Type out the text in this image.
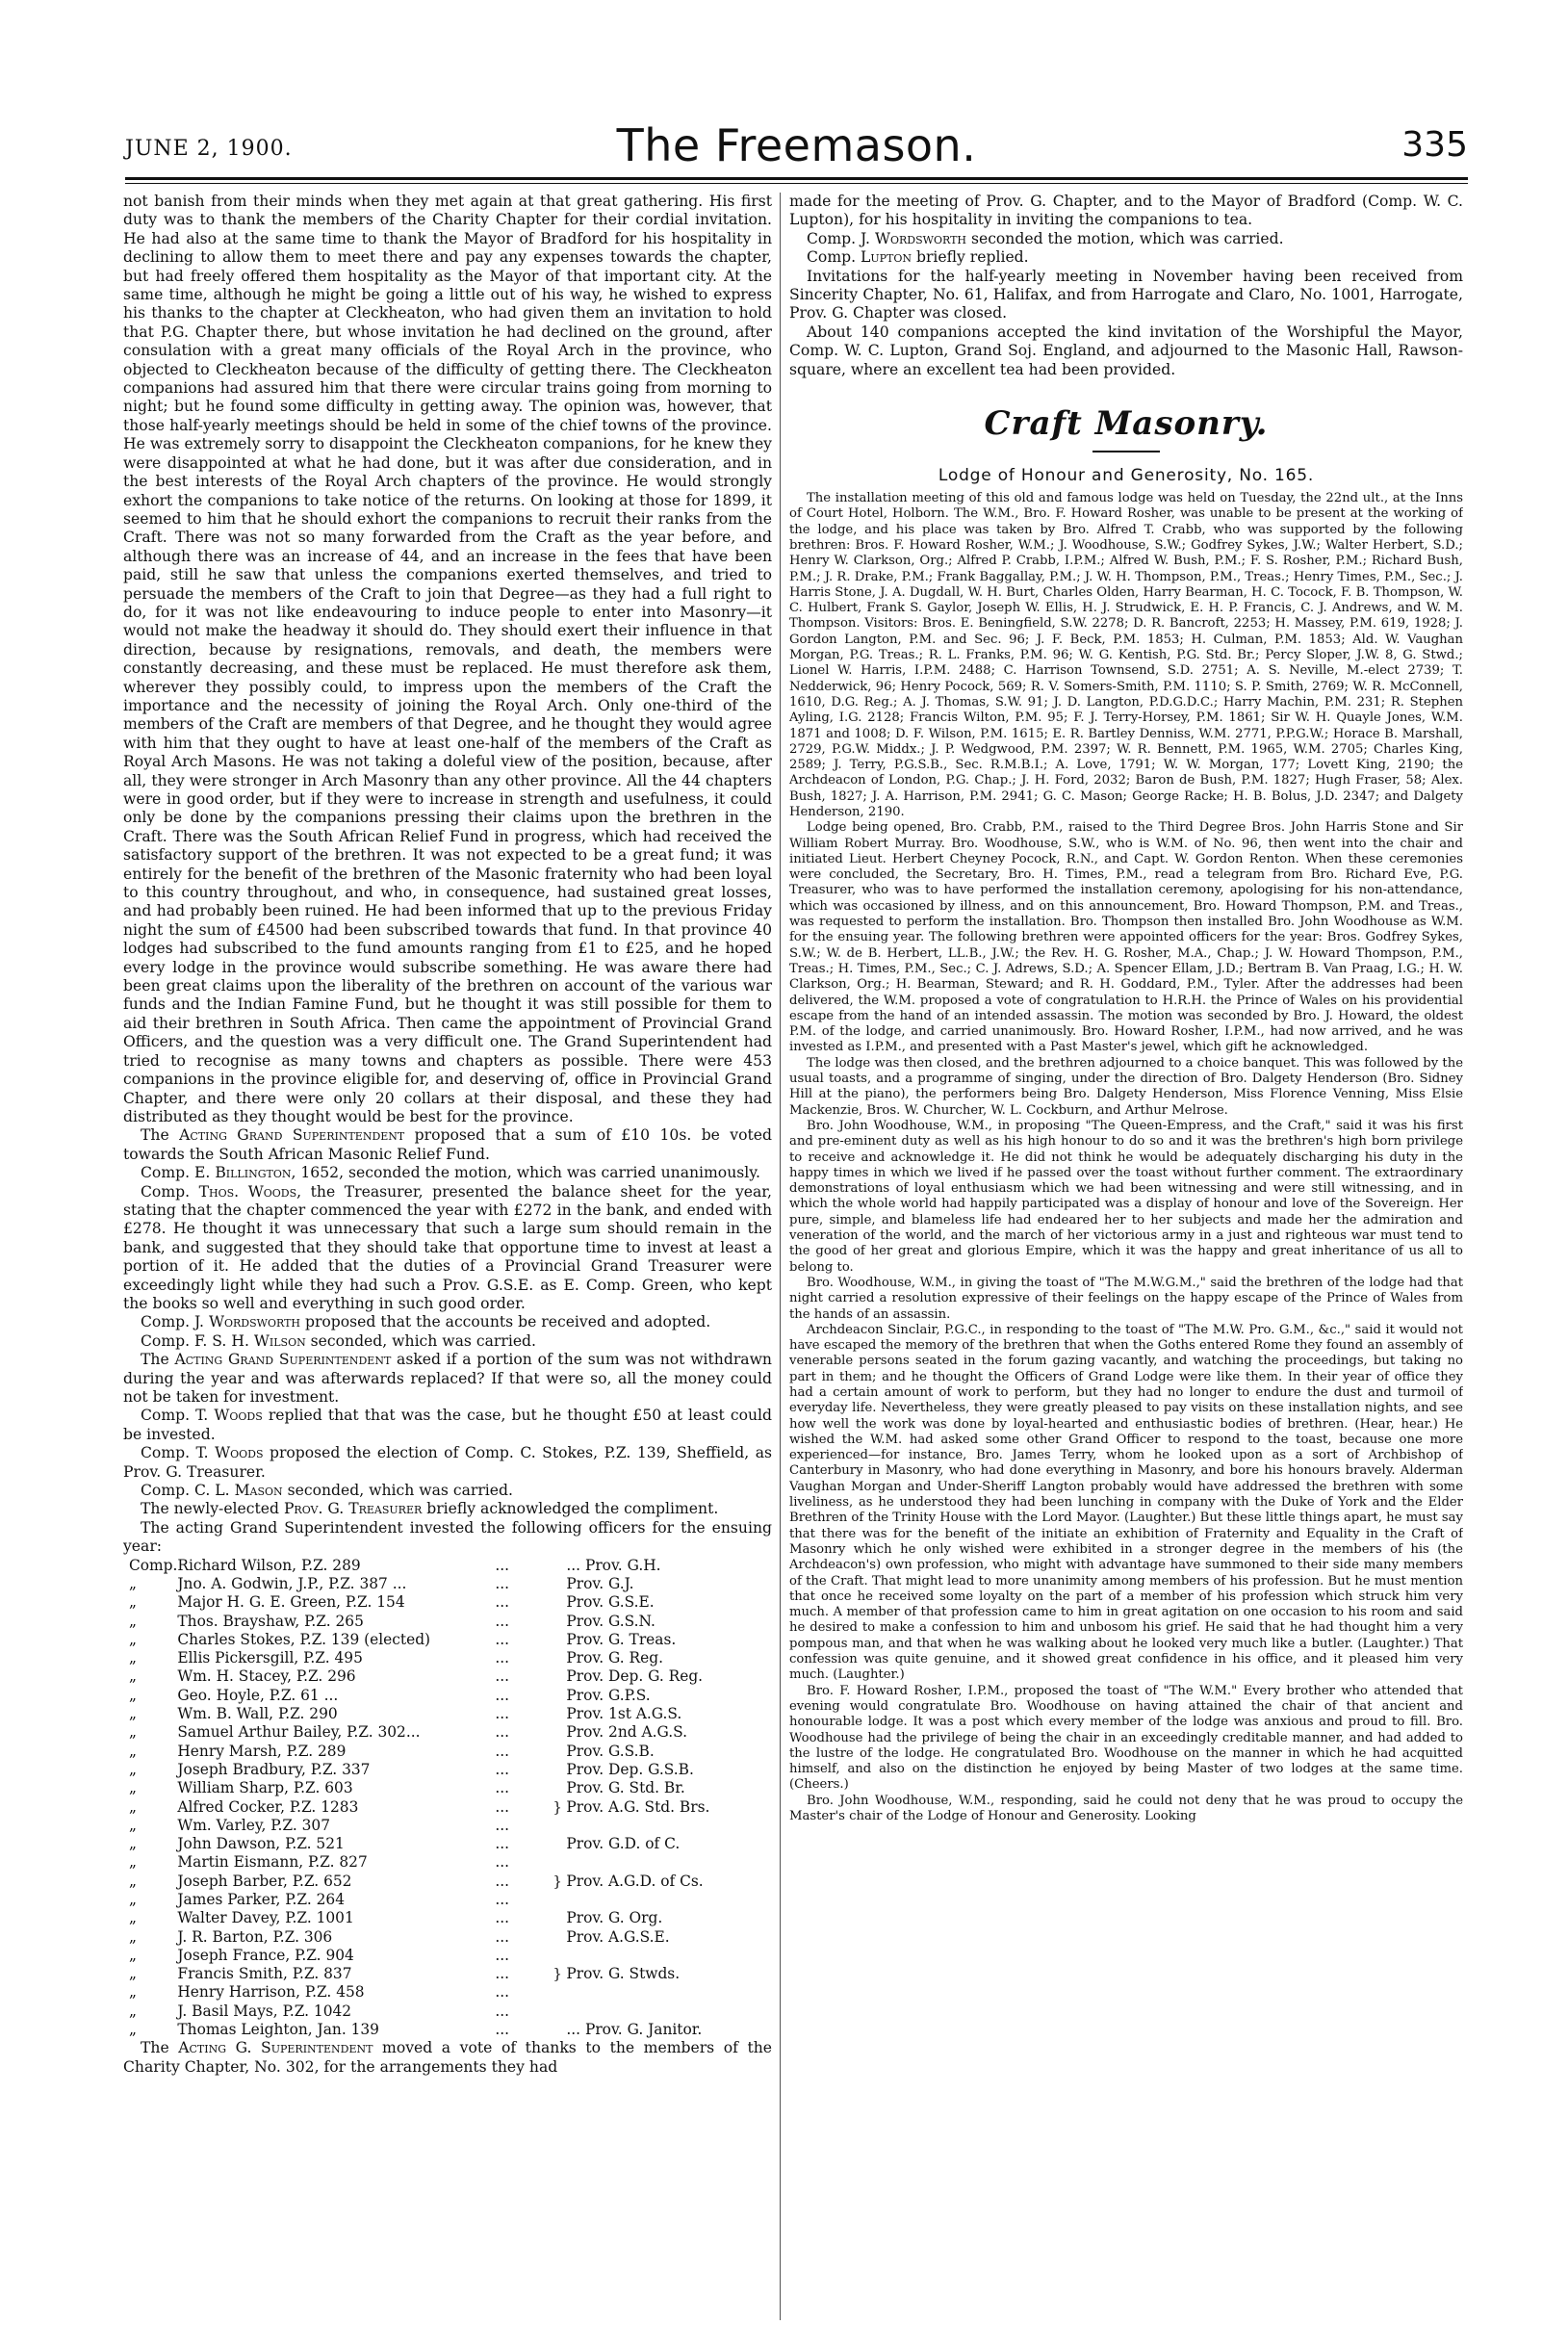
JUNE 2, 1900.	The Freemason.	335

not banish from their minds when they met again at that great gathering. His first duty was to thank the members of the Charity Chapter for their cordial invitation. He had also at the same time to thank the Mayor of Bradford for his hospitality in declining to allow them to meet there and pay any expenses towards the chapter, but had freely offered them hospitality as the Mayor of that important city. At the same time, although he might be going a little out of his way, he wished to express his thanks to the chapter at Cleckheaton, who had given them an invitation to hold that P.G. Chapter there, but whose invitation he had declined on the ground, after consulation with a great many officials of the Royal Arch in the province, who objected to Cleckheaton because of the difficulty of getting there. The Cleckheaton companions had assured him that there were circular trains going from morning to night; but he found some difficulty in getting away. The opinion was, however, that those half-yearly meetings should be held in some of the chief towns of the province. He was extremely sorry to disappoint the Cleckheaton companions, for he knew they were disappointed at what he had done, but it was after due consideration, and in the best interests of the Royal Arch chapters of the province. He would strongly exhort the companions to take notice of the returns. On looking at those for 1899, it seemed to him that he should exhort the companions to recruit their ranks from the Craft. There was not so many forwarded from the Craft as the year before, and although there was an increase of 44, and an increase in the fees that have been paid, still he saw that unless the companions exerted themselves, and tried to persuade the members of the Craft to join that Degree—as they had a full right to do, for it was not like endeavouring to induce people to enter into Masonry—it would not make the headway it should do. They should exert their influence in that direction, because by resignations, removals, and death, the members were constantly decreasing, and these must be replaced. He must therefore ask them, wherever they possibly could, to impress upon the members of the Craft the importance and the necessity of joining the Royal Arch. Only one-third of the members of the Craft are members of that Degree, and he thought they would agree with him that they ought to have at least one-half of the members of the Craft as Royal Arch Masons. He was not taking a doleful view of the position, because, after all, they were stronger in Arch Masonry than any other province. All the 44 chapters were in good order, but if they were to increase in strength and usefulness, it could only be done by the companions pressing their claims upon the brethren in the Craft. There was the South African Relief Fund in progress, which had received the satisfactory support of the brethren. It was not expected to be a great fund; it was entirely for the benefit of the brethren of the Masonic fraternity who had been loyal to this country throughout, and who, in consequence, had sustained great losses, and had probably been ruined. He had been informed that up to the previous Friday night the sum of £4500 had been subscribed towards that fund. In that province 40 lodges had subscribed to the fund amounts ranging from £1 to £25, and he hoped every lodge in the province would subscribe something. He was aware there had been great claims upon the liberality of the brethren on account of the various war funds and the Indian Famine Fund, but he thought it was still possible for them to aid their brethren in South Africa. Then came the appointment of Provincial Grand Officers, and the question was a very difficult one. The Grand Superintendent had tried to recognise as many towns and chapters as possible. There were 453 companions in the province eligible for, and deserving of, office in Provincial Grand Chapter, and there were only 20 collars at their disposal, and these they had distributed as they thought would be best for the province.

The Acting Grand Superintendent proposed that a sum of £10 10s. be voted towards the South African Masonic Relief Fund.

Comp. E. Billington, 1652, seconded the motion, which was carried unanimously.

Comp. Thos. Woods, the Treasurer, presented the balance sheet for the year, stating that the chapter commenced the year with £272 in the bank, and ended with £278. He thought it was unnecessary that such a large sum should remain in the bank, and suggested that they should take that opportune time to invest at least a portion of it. He added that the duties of a Provincial Grand Treasurer were exceedingly light while they had such a Prov. G.S.E. as E. Comp. Green, who kept the books so well and everything in such good order.

Comp. J. Wordsworth proposed that the accounts be received and adopted.

Comp. F. S. H. Wilson seconded, which was carried.

The Acting Grand Superintendent asked if a portion of the sum was not withdrawn during the year and was afterwards replaced? If that were so, all the money could not be taken for investment.

Comp. T. Woods replied that that was the case, but he thought £50 at least could be invested.

Comp. T. Woods proposed the election of Comp. C. Stokes, P.Z. 139, Sheffield, as Prov. G. Treasurer.

Comp. C. L. Mason seconded, which was carried.

The newly-elected Prov. G. Treasurer briefly acknowledged the compliment.

The acting Grand Superintendent invested the following officers for the ensuing year:

Comp.	Richard Wilson, P.Z. 289	...		... Prov. G.H.
„	Jno. A. Godwin, J.P., P.Z. 387 ...	...		Prov. G.J.
„	Major H. G. E. Green, P.Z. 154	...		Prov. G.S.E.
„	Thos. Brayshaw, P.Z. 265	...		Prov. G.S.N.
„	Charles Stokes, P.Z. 139 (elected)	...		Prov. G. Treas.
„	Ellis Pickersgill, P.Z. 495	...		Prov. G. Reg.
„	Wm. H. Stacey, P.Z. 296	...		Prov. Dep. G. Reg.
„	Geo. Hoyle, P.Z. 61 ...	...		Prov. G.P.S.
„	Wm. B. Wall, P.Z. 290	...		Prov. 1st A.G.S.
„	Samuel Arthur Bailey, P.Z. 302...	...		Prov. 2nd A.G.S.
„	Henry Marsh, P.Z. 289	...		Prov. G.S.B.
„	Joseph Bradbury, P.Z. 337	...		Prov. Dep. G.S.B.
„	William Sharp, P.Z. 603	...		Prov. G. Std. Br.
„	Alfred Cocker, P.Z. 1283	...	}	Prov. A.G. Std. Brs.
„	Wm. Varley, P.Z. 307	...		
„	John Dawson, P.Z. 521	...		Prov. G.D. of C.
„	Martin Eismann, P.Z. 827	...		
„	Joseph Barber, P.Z. 652	...	}	Prov. A.G.D. of Cs.
„	James Parker, P.Z. 264	...		
„	Walter Davey, P.Z. 1001	...		Prov. G. Org.
„	J. R. Barton, P.Z. 306	...		Prov. A.G.S.E.
„	Joseph France, P.Z. 904	...		
„	Francis Smith, P.Z. 837	...	}	Prov. G. Stwds.
„	Henry Harrison, P.Z. 458	...		
„	J. Basil Mays, P.Z. 1042	...		
„	Thomas Leighton, Jan. 139	...		... Prov. G. Janitor.

The Acting G. Superintendent moved a vote of thanks to the members of the Charity Chapter, No. 302, for the arrangements they had

made for the meeting of Prov. G. Chapter, and to the Mayor of Bradford (Comp. W. C. Lupton), for his hospitality in inviting the companions to tea.

Comp. J. Wordsworth seconded the motion, which was carried.

Comp. Lupton briefly replied.

Invitations for the half-yearly meeting in November having been received from Sincerity Chapter, No. 61, Halifax, and from Harrogate and Claro, No. 1001, Harrogate, Prov. G. Chapter was closed.

About 140 companions accepted the kind invitation of the Worshipful the Mayor, Comp. W. C. Lupton, Grand Soj. England, and adjourned to the Masonic Hall, Rawson-square, where an excellent tea had been provided.

Craft Masonry.
Lodge of Honour and Generosity, No. 165.

The installation meeting of this old and famous lodge was held on Tuesday, the 22nd ult., at the Inns of Court Hotel, Holborn. The W.M., Bro. F. Howard Rosher, was unable to be present at the working of the lodge, and his place was taken by Bro. Alfred T. Crabb, who was supported by the following brethren: Bros. F. Howard Rosher, W.M.; J. Woodhouse, S.W.; Godfrey Sykes, J.W.; Walter Herbert, S.D.; Henry W. Clarkson, Org.; Alfred P. Crabb, I.P.M.; Alfred W. Bush, P.M.; F. S. Rosher, P.M.; Richard Bush, P.M.; J. R. Drake, P.M.; Frank Baggallay, P.M.; J. W. H. Thompson, P.M., Treas.; Henry Times, P.M., Sec.; J. Harris Stone, J. A. Dugdall, W. H. Burt, Charles Olden, Harry Bearman, H. C. Tocock, F. B. Thompson, W. C. Hulbert, Frank S. Gaylor, Joseph W. Ellis, H. J. Strudwick, E. H. P. Francis, C. J. Andrews, and W. M. Thompson. Visitors: Bros. E. Beningfield, S.W. 2278; D. R. Bancroft, 2253; H. Massey, P.M. 619, 1928; J. Gordon Langton, P.M. and Sec. 96; J. F. Beck, P.M. 1853; H. Culman, P.M. 1853; Ald. W. Vaughan Morgan, P.G. Treas.; R. L. Franks, P.M. 96; W. G. Kentish, P.G. Std. Br.; Percy Sloper, J.W. 8, G. Stwd.; Lionel W. Harris, I.P.M. 2488; C. Harrison Townsend, S.D. 2751; A. S. Neville, M.-elect 2739; T. Nedderwick, 96; Henry Pocock, 569; R. V. Somers-Smith, P.M. 1110; S. P. Smith, 2769; W. R. McConnell, 1610, D.G. Reg.; A. J. Thomas, S.W. 91; J. D. Langton, P.D.G.D.C.; Harry Machin, P.M. 231; R. Stephen Ayling, I.G. 2128; Francis Wilton, P.M. 95; F. J. Terry-Horsey, P.M. 1861; Sir W. H. Quayle Jones, W.M. 1871 and 1008; D. F. Wilson, P.M. 1615; E. R. Bartley Denniss, W.M. 2771, P.P.G.W.; Horace B. Marshall, 2729, P.G.W. Middx.; J. P. Wedgwood, P.M. 2397; W. R. Bennett, P.M. 1965, W.M. 2705; Charles King, 2589; J. Terry, P.G.S.B., Sec. R.M.B.I.; A. Love, 1791; W. W. Morgan, 177; Lovett King, 2190; the Archdeacon of London, P.G. Chap.; J. H. Ford, 2032; Baron de Bush, P.M. 1827; Hugh Fraser, 58; Alex. Bush, 1827; J. A. Harrison, P.M. 2941; G. C. Mason; George Racke; H. B. Bolus, J.D. 2347; and Dalgety Henderson, 2190.

Lodge being opened, Bro. Crabb, P.M., raised to the Third Degree Bros. John Harris Stone and Sir William Robert Murray. Bro. Woodhouse, S.W., who is W.M. of No. 96, then went into the chair and initiated Lieut. Herbert Cheyney Pocock, R.N., and Capt. W. Gordon Renton. When these ceremonies were concluded, the Secretary, Bro. H. Times, P.M., read a telegram from Bro. Richard Eve, P.G. Treasurer, who was to have performed the installation ceremony, apologising for his non-attendance, which was occasioned by illness, and on this announcement, Bro. Howard Thompson, P.M. and Treas., was requested to perform the installation. Bro. Thompson then installed Bro. John Woodhouse as W.M. for the ensuing year. The following brethren were appointed officers for the year: Bros. Godfrey Sykes, S.W.; W. de B. Herbert, LL.B., J.W.; the Rev. H. G. Rosher, M.A., Chap.; J. W. Howard Thompson, P.M., Treas.; H. Times, P.M., Sec.; C. J. Adrews, S.D.; A. Spencer Ellam, J.D.; Bertram B. Van Praag, I.G.; H. W. Clarkson, Org.; H. Bearman, Steward; and R. H. Goddard, P.M., Tyler. After the addresses had been delivered, the W.M. proposed a vote of congratulation to H.R.H. the Prince of Wales on his providential escape from the hand of an intended assassin. The motion was seconded by Bro. J. Howard, the oldest P.M. of the lodge, and carried unanimously. Bro. Howard Rosher, I.P.M., had now arrived, and he was invested as I.P.M., and presented with a Past Master's jewel, which gift he acknowledged.

The lodge was then closed, and the brethren adjourned to a choice banquet. This was followed by the usual toasts, and a programme of singing, under the direction of Bro. Dalgety Henderson (Bro. Sidney Hill at the piano), the performers being Bro. Dalgety Henderson, Miss Florence Venning, Miss Elsie Mackenzie, Bros. W. Churcher, W. L. Cockburn, and Arthur Melrose.

Bro. John Woodhouse, W.M., in proposing "The Queen-Empress, and the Craft," said it was his first and pre-eminent duty as well as his high honour to do so and it was the brethren's high born privilege to receive and acknowledge it. He did not think he would be adequately discharging his duty in the happy times in which we lived if he passed over the toast without further comment. The extraordinary demonstrations of loyal enthusiasm which we had been witnessing and were still witnessing, and in which the whole world had happily participated was a display of honour and love of the Sovereign. Her pure, simple, and blameless life had endeared her to her subjects and made her the admiration and veneration of the world, and the march of her victorious army in a just and righteous war must tend to the good of her great and glorious Empire, which it was the happy and great inheritance of us all to belong to.

Bro. Woodhouse, W.M., in giving the toast of "The M.W.G.M.," said the brethren of the lodge had that night carried a resolution expressive of their feelings on the happy escape of the Prince of Wales from the hands of an assassin.

Archdeacon Sinclair, P.G.C., in responding to the toast of "The M.W. Pro. G.M., &c.," said it would not have escaped the memory of the brethren that when the Goths entered Rome they found an assembly of venerable persons seated in the forum gazing vacantly, and watching the proceedings, but taking no part in them; and he thought the Officers of Grand Lodge were like them. In their year of office they had a certain amount of work to perform, but they had no longer to endure the dust and turmoil of everyday life. Nevertheless, they were greatly pleased to pay visits on these installation nights, and see how well the work was done by loyal-hearted and enthusiastic bodies of brethren. (Hear, hear.) He wished the W.M. had asked some other Grand Officer to respond to the toast, because one more experienced—for instance, Bro. James Terry, whom he looked upon as a sort of Archbishop of Canterbury in Masonry, who had done everything in Masonry, and bore his honours bravely. Alderman Vaughan Morgan and Under-Sheriff Langton probably would have addressed the brethren with some liveliness, as he understood they had been lunching in company with the Duke of York and the Elder Brethren of the Trinity House with the Lord Mayor. (Laughter.) But these little things apart, he must say that there was for the benefit of the initiate an exhibition of Fraternity and Equality in the Craft of Masonry which he only wished were exhibited in a stronger degree in the members of his (the Archdeacon's) own profession, who might with advantage have summoned to their side many members of the Craft. That might lead to more unanimity among members of his profession. But he must mention that once he received some loyalty on the part of a member of his profession which struck him very much. A member of that profession came to him in great agitation on one occasion to his room and said he desired to make a confession to him and unbosom his grief. He said that he had thought him a very pompous man, and that when he was walking about he looked very much like a butler. (Laughter.) That confession was quite genuine, and it showed great confidence in his office, and it pleased him very much. (Laughter.)

Bro. F. Howard Rosher, I.P.M., proposed the toast of "The W.M." Every brother who attended that evening would congratulate Bro. Woodhouse on having attained the chair of that ancient and honourable lodge. It was a post which every member of the lodge was anxious and proud to fill. Bro. Woodhouse had the privilege of being the chair in an exceedingly creditable manner, and had added to the lustre of the lodge. He congratulated Bro. Woodhouse on the manner in which he had acquitted himself, and also on the distinction he enjoyed by being Master of two lodges at the same time. (Cheers.)

Bro. John Woodhouse, W.M., responding, said he could not deny that he was proud to occupy the Master's chair of the Lodge of Honour and Generosity. Looking
